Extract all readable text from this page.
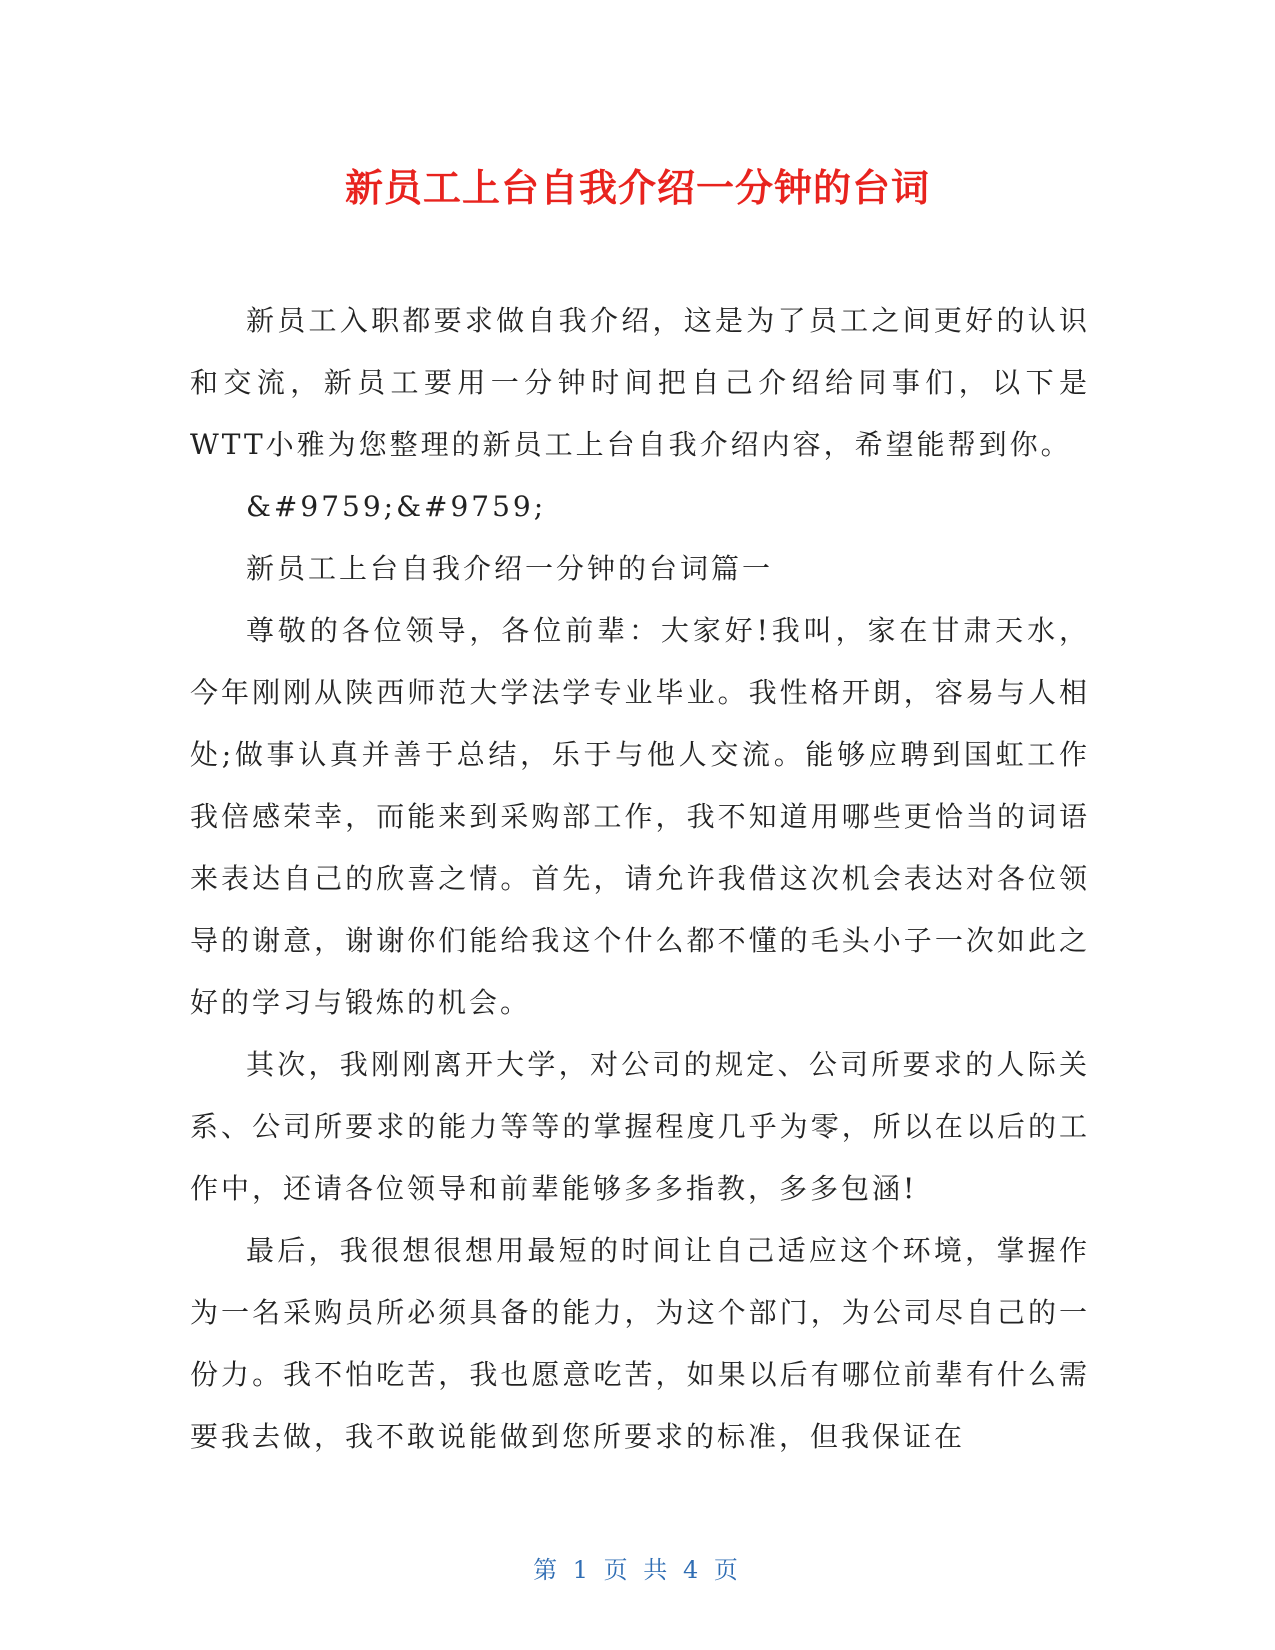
新员工上台自我介绍一分钟的台词

新员工入职都要求做自我介绍，这是为了员工之间更好的认识和交流，新员工要用一分钟时间把自己介绍给同事们，以下是WTT小雅为您整理的新员工上台自我介绍内容，希望能帮到你。

&#9759;&#9759;

新员工上台自我介绍一分钟的台词篇一

尊敬的各位领导，各位前辈：大家好!我叫，家在甘肃天水，今年刚刚从陕西师范大学法学专业毕业。我性格开朗，容易与人相处;做事认真并善于总结，乐于与他人交流。能够应聘到国虹工作我倍感荣幸，而能来到采购部工作，我不知道用哪些更恰当的词语来表达自己的欣喜之情。首先，请允许我借这次机会表达对各位领导的谢意，谢谢你们能给我这个什么都不懂的毛头小子一次如此之好的学习与锻炼的机会。

其次，我刚刚离开大学，对公司的规定、公司所要求的人际关系、公司所要求的能力等等的掌握程度几乎为零，所以在以后的工作中，还请各位领导和前辈能够多多指教，多多包涵!

最后，我很想很想用最短的时间让自己适应这个环境，掌握作为一名采购员所必须具备的能力，为这个部门，为公司尽自己的一份力。我不怕吃苦，我也愿意吃苦，如果以后有哪位前辈有什么需要我去做，我不敢说能做到您所要求的标准，但我保证在

第 1 页 共 4 页
